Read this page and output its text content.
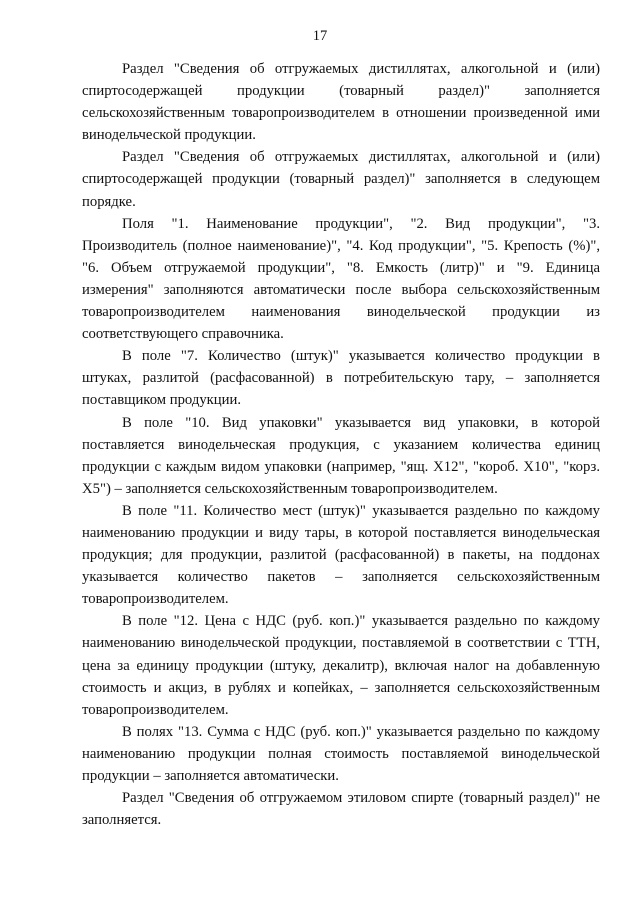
17

Раздел "Сведения об отгружаемых дистиллятах, алкогольной и (или) спиртосодержащей продукции (товарный раздел)" заполняется сельскохозяйственным товаропроизводителем в отношении произведенной ими винодельческой продукции.

Раздел "Сведения об отгружаемых дистиллятах, алкогольной и (или) спиртосодержащей продукции (товарный раздел)" заполняется в следующем порядке.

Поля "1. Наименование продукции", "2. Вид продукции", "3. Производитель (полное наименование)", "4. Код продукции", "5. Крепость (%)", "6. Объем отгружаемой продукции", "8. Емкость (литр)" и "9. Единица измерения" заполняются автоматически после выбора сельскохозяйственным товаропроизводителем наименования винодельческой продукции из соответствующего справочника.

В поле "7. Количество (штук)" указывается количество продукции в штуках, разлитой (расфасованной) в потребительскую тару, – заполняется поставщиком продукции.

В поле "10. Вид упаковки" указывается вид упаковки, в которой поставляется винодельческая продукция, с указанием количества единиц продукции с каждым видом упаковки (например, "ящ. X12", "короб. X10", "корз. X5") – заполняется сельскохозяйственным товаропроизводителем.

В поле "11. Количество мест (штук)" указывается раздельно по каждому наименованию продукции и виду тары, в которой поставляется винодельческая продукция; для продукции, разлитой (расфасованной) в пакеты, на поддонах указывается количество пакетов – заполняется сельскохозяйственным товаропроизводителем.

В поле "12. Цена с НДС (руб. коп.)" указывается раздельно по каждому наименованию винодельческой продукции, поставляемой в соответствии с ТТН, цена за единицу продукции (штуку, декалитр), включая налог на добавленную стоимость и акциз, в рублях и копейках, – заполняется сельскохозяйственным товаропроизводителем.

В полях "13. Сумма с НДС (руб. коп.)" указывается раздельно по каждому наименованию продукции полная стоимость поставляемой винодельческой продукции – заполняется автоматически.

Раздел "Сведения об отгружаемом этиловом спирте (товарный раздел)" не заполняется.
